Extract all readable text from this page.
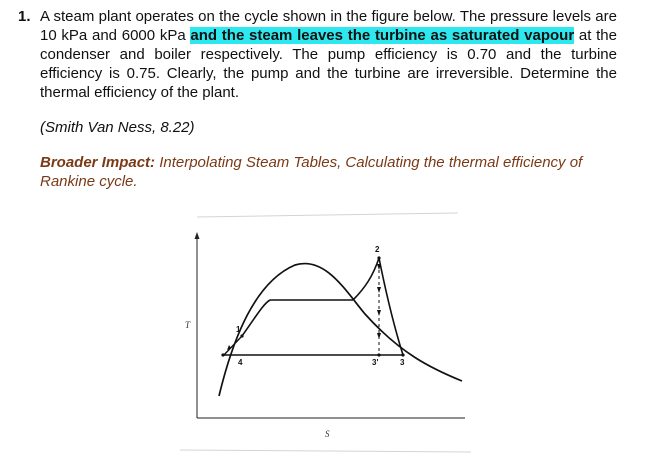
1. A steam plant operates on the cycle shown in the figure below. The pressure levels are 10 kPa and 6000 kPa and the steam leaves the turbine as saturated vapour at the condenser and boiler respectively. The pump efficiency is 0.70 and the turbine efficiency is 0.75. Clearly, the pump and the turbine are irreversible. Determine the thermal efficiency of the plant.
(Smith Van Ness, 8.22)
Broader Impact: Interpolating Steam Tables, Calculating the thermal efficiency of Rankine cycle.
T
S
1
2
3'	3
4
